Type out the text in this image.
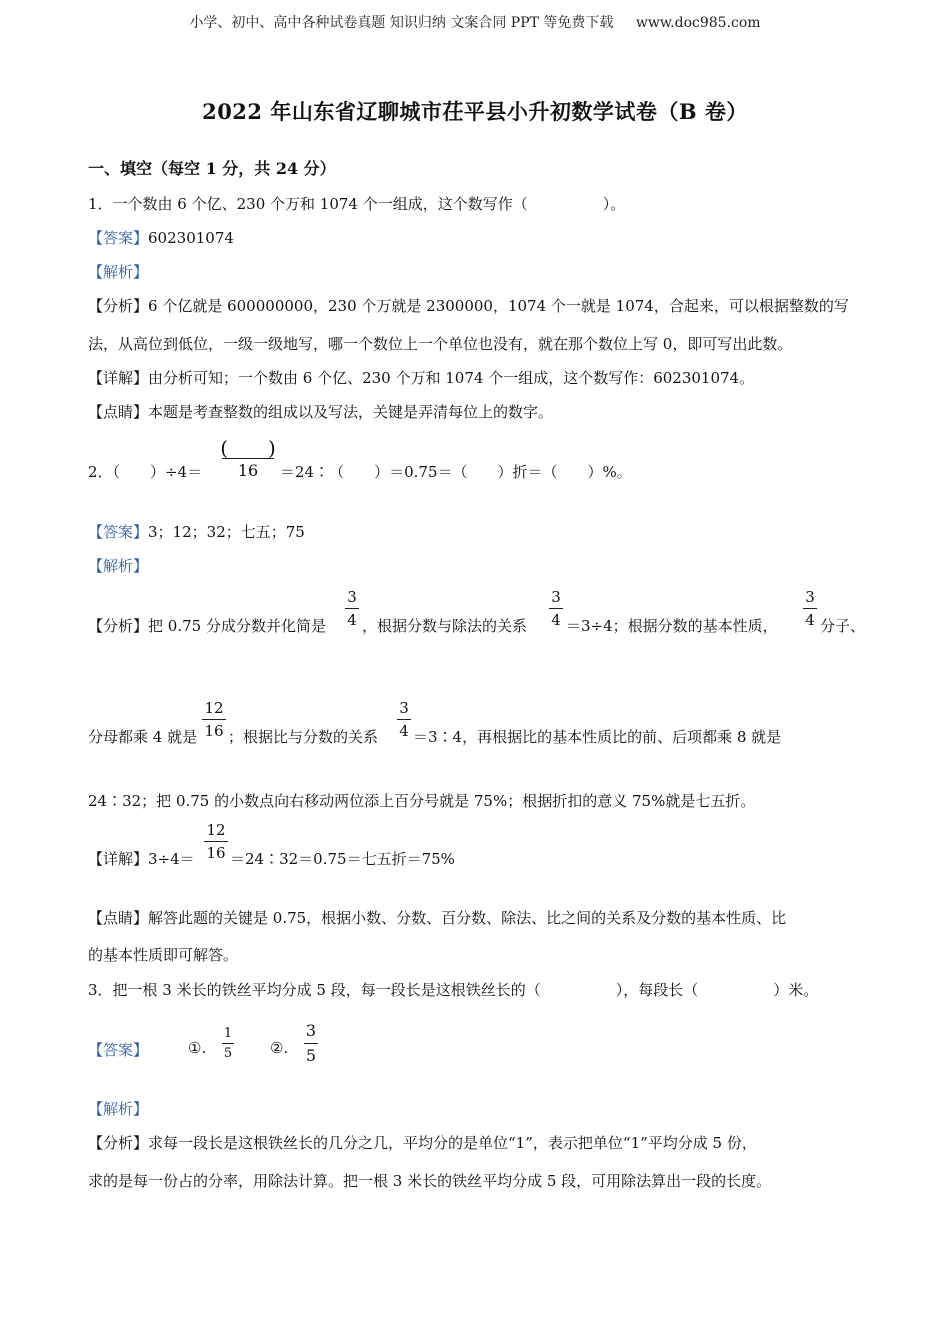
小学、初中、高中各种试卷真题 知识归纳 文案合同 PPT 等免费下载 www.doc985.com
2022 年山东省辽聊城市茌平县小升初数学试卷（B 卷）
一、填空（每空 1 分，共 24 分）
1．一个数由 6 个亿、230 个万和 1074 个一组成，这个数写作（　　　　　）。
【答案】602301074
【解析】
【分析】6 个亿就是 600000000，230 个万就是 2300000，1074 个一就是 1074，合起来，可以根据整数的写
法，从高位到低位，一级一级地写，哪一个数位上一个单位也没有，就在那个数位上写 0，即可写出此数。
【详解】由分析可知；一个数由 6 个亿、230 个万和 1074 个一组成，这个数写作：602301074。
【点睛】本题是考查整数的组成以及写法，关键是弄清每位上的数字。
2．（　　）÷4＝
(　　)
16	＝24∶（　　）＝0.75＝（　　）折＝（　　）%。
【答案】3；12；32；七五；75
【解析】
【分析】把 0.75 分成分数并化简是
3
4 ，根据分数与除法的关系
3
4 ＝3÷4；根据分数的基本性质，
3
4 分子、
分母都乘 4 就是
12
16 ；根据比与分数的关系
3
4 ＝3∶4，再根据比的基本性质比的前、后项都乘 8 就是
24∶32；把 0.75 的小数点向右移动两位添上百分号就是 75%；根据折扣的意义 75%就是七五折。
【详解】3÷4＝
12
16 ＝24∶32＝0.75＝七五折＝75%
【点睛】解答此题的关键是 0.75，根据小数、分数、百分数、除法、比之间的关系及分数的基本性质、比
的基本性质即可解答。
3．把一根 3 米长的铁丝平均分成 5 段，每一段长是这根铁丝长的（　　　　　），每段长（　　　　　）米。
【答案】	①.
1
5	②.
3
5
【解析】
【分析】求每一段长是这根铁丝长的几分之几，平均分的是单位“1”，表示把单位“1”平均分成 5 份，
求的是每一份占的分率，用除法计算。把一根 3 米长的铁丝平均分成 5 段，可用除法算出一段的长度。
